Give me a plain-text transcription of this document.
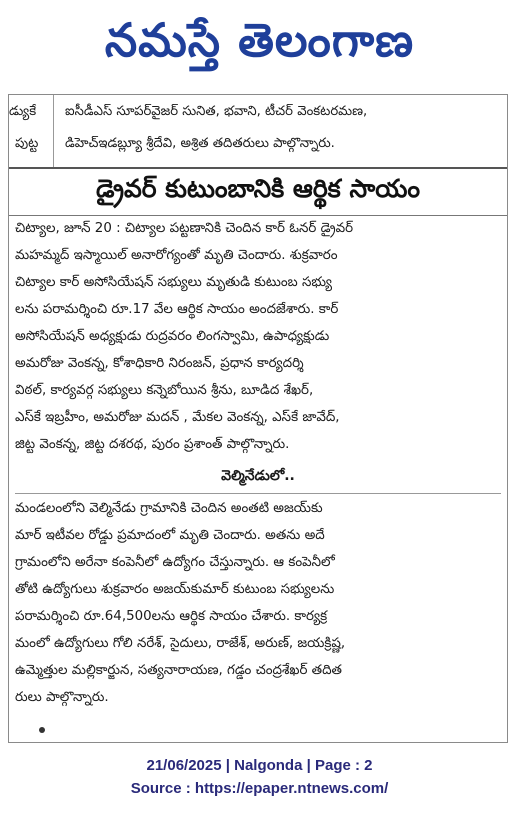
నమస్తే తెలంగాణ
డ్యుకే
పుట్ట
ఐసీడీఎస్ సూపర్‌వైజర్ సునిత, భవాని, టీచర్ వెంకటరమణ,
డిహెచ్ఇడబ్ల్యూ శ్రీదేవి, అశ్రిత తదితరులు పాల్గొన్నారు.
డ్రైవర్ కుటుంబానికి ఆర్థిక సాయం
చిట్యాల, జూన్ 20 : చిట్యాల పట్టణానికి చెందిన కార్ ఓనర్ డ్రైవర్
మహమ్మద్ ఇస్మాయిల్ అనారోగ్యంతో మృతి చెందారు. శుక్రవారం
చిట్యాల కార్ అసోసియేషన్ సభ్యులు మృతుడి కుటుంబ సభ్యు
లను పరామర్శించి రూ.17 వేల ఆర్థిక సాయం అందజేశారు. కార్
అసోసియేషన్ అధ్యక్షుడు రుద్రవరం లింగస్వామి, ఉపాధ్యక్షుడు
అమరోజు వెంకన్న, కోశాధికారి నిరంజన్, ప్రధాన కార్యదర్శి
విఠల్, కార్యవర్గ సభ్యులు కన్నెబోయిన శ్రీను, బూడిద శేఖర్,
ఎస్‌కే ఇబ్రహీం, అమరోజు మదన్ , మేకల వెంకన్న, ఎస్‌కే జావేద్,
జిట్ట వెంకన్న, జిట్ట దశరథ, పురం ప్రశాంత్ పాల్గొన్నారు.
వెల్మినేడులో..
మండలంలోని వెల్మినేడు గ్రామానికి చెందిన అంతటి అజయ్‌కు
మార్ ఇటీవల రోడ్డు ప్రమాదంలో మృతి చెందారు. అతను అదే
గ్రామంలోని అరేనా కంపెనీలో ఉద్యోగం చేస్తున్నారు. ఆ కంపెనీలో
తోటి ఉద్యోగులు శుక్రవారం అజయ్‌కుమార్ కుటుంబ సభ్యులను
పరామర్శించి రూ.64,500లను ఆర్థిక సాయం చేశారు. కార్యక్ర
మంలో ఉద్యోగులు గోలి నరేశ్, సైదులు, రాజేశ్, అరుణ్, జయక్రిష్ణ,
ఉమ్మెత్తుల మల్లికార్జున, సత్యనారాయణ, గడ్డం చంద్రశేఖర్ తదిత
రులు పాల్గొన్నారు.
21/06/2025 | Nalgonda | Page : 2
Source : https://epaper.ntnews.com/
